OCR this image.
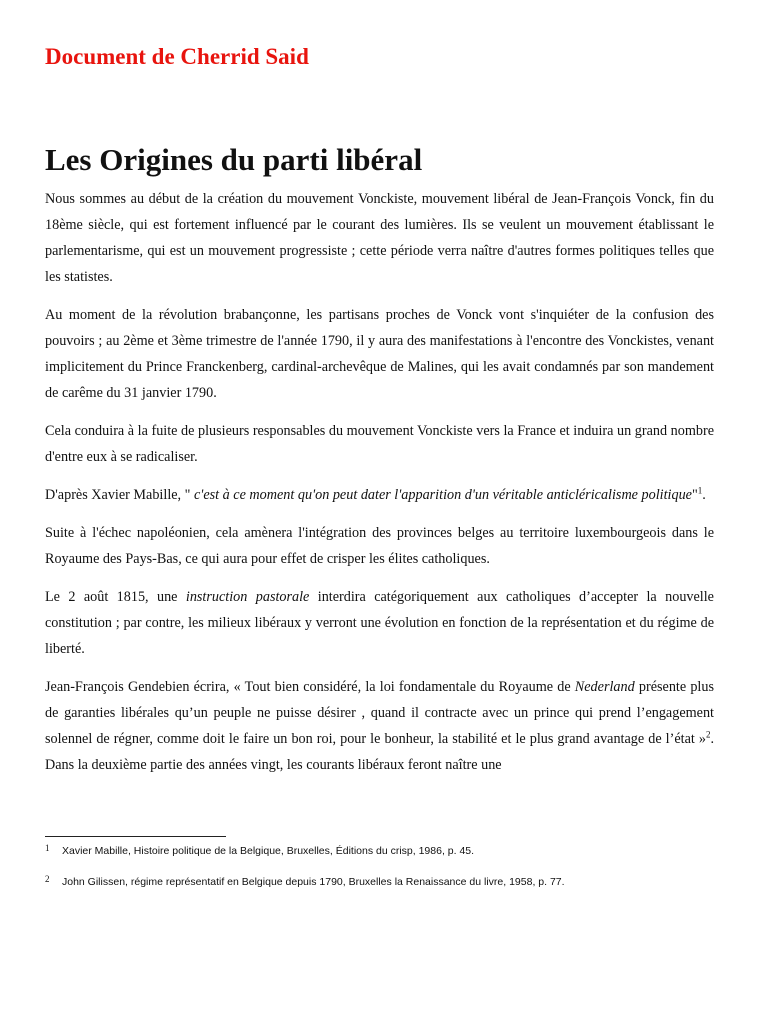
Document de Cherrid Said
Les Origines du parti libéral

Nous sommes au début de la création du mouvement Vonckiste, mouvement libéral de Jean-François Vonck, fin du 18ème siècle, qui est fortement influencé par le courant des lumières. Ils se veulent un mouvement établissant le parlementarisme, qui est un mouvement progressiste ; cette période verra naître d'autres formes politiques telles que les statistes.

Au moment de la révolution brabançonne, les partisans proches de Vonck vont s'inquiéter de la confusion des pouvoirs ; au 2ème et 3ème trimestre de l'année 1790, il y aura des manifestations à l'encontre des Vonckistes, venant implicitement du Prince Franckenberg, cardinal-archevêque de Malines, qui les avait condamnés par son mandement de carême du 31 janvier 1790.

Cela conduira à la fuite de plusieurs responsables du mouvement Vonckiste vers la France et induira un grand nombre d'entre eux à se radicaliser.

D'après Xavier Mabille, " c'est à ce moment qu'on peut dater l'apparition d'un véritable anticléricalisme politique"$^1$.

Suite à l'échec napoléonien, cela amènera l'intégration des provinces belges au territoire luxembourgeois dans le Royaume des Pays-Bas, ce qui aura pour effet de crisper les élites catholiques.

Le 2 août 1815, une instruction pastorale interdira catégoriquement aux catholiques d’accepter la nouvelle constitution ; par contre, les milieux libéraux y verront une évolution en fonction de la représentation et du régime de liberté.

Jean-François Gendebien écrira, « Tout bien considéré, la loi fondamentale du Royaume de Nederland présente plus de garanties libérales qu’un peuple ne puisse désirer , quand il contracte avec un prince qui prend l’engagement solennel de régner, comme doit le faire un bon roi, pour le bonheur, la stabilité et le plus grand avantage de l’état »$^2$. Dans la deuxième partie des années vingt, les courants libéraux feront naître une

1 Xavier Mabille, Histoire politique de la Belgique, Bruxelles, Éditions du crisp, 1986, p. 45.
2 John Gilissen, régime représentatif en Belgique depuis 1790, Bruxelles la Renaissance du livre, 1958, p. 77.
